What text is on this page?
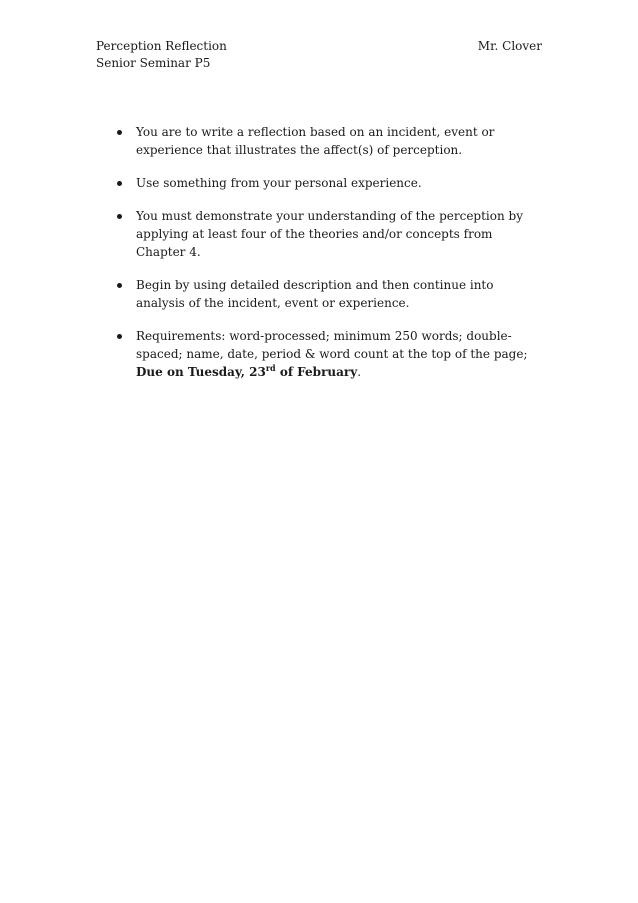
Perception Reflection	Mr. Clover
Senior Seminar P5
You are to write a reflection based on an incident, event or experience that illustrates the affect(s) of perception.
Use something from your personal experience.
You must demonstrate your understanding of the perception by applying at least four of the theories and/or concepts from Chapter 4.
Begin by using detailed description and then continue into analysis of the incident, event or experience.
Requirements: word-processed; minimum 250 words; double-spaced; name, date, period & word count at the top of the page; Due on Tuesday, 23rd of February.
